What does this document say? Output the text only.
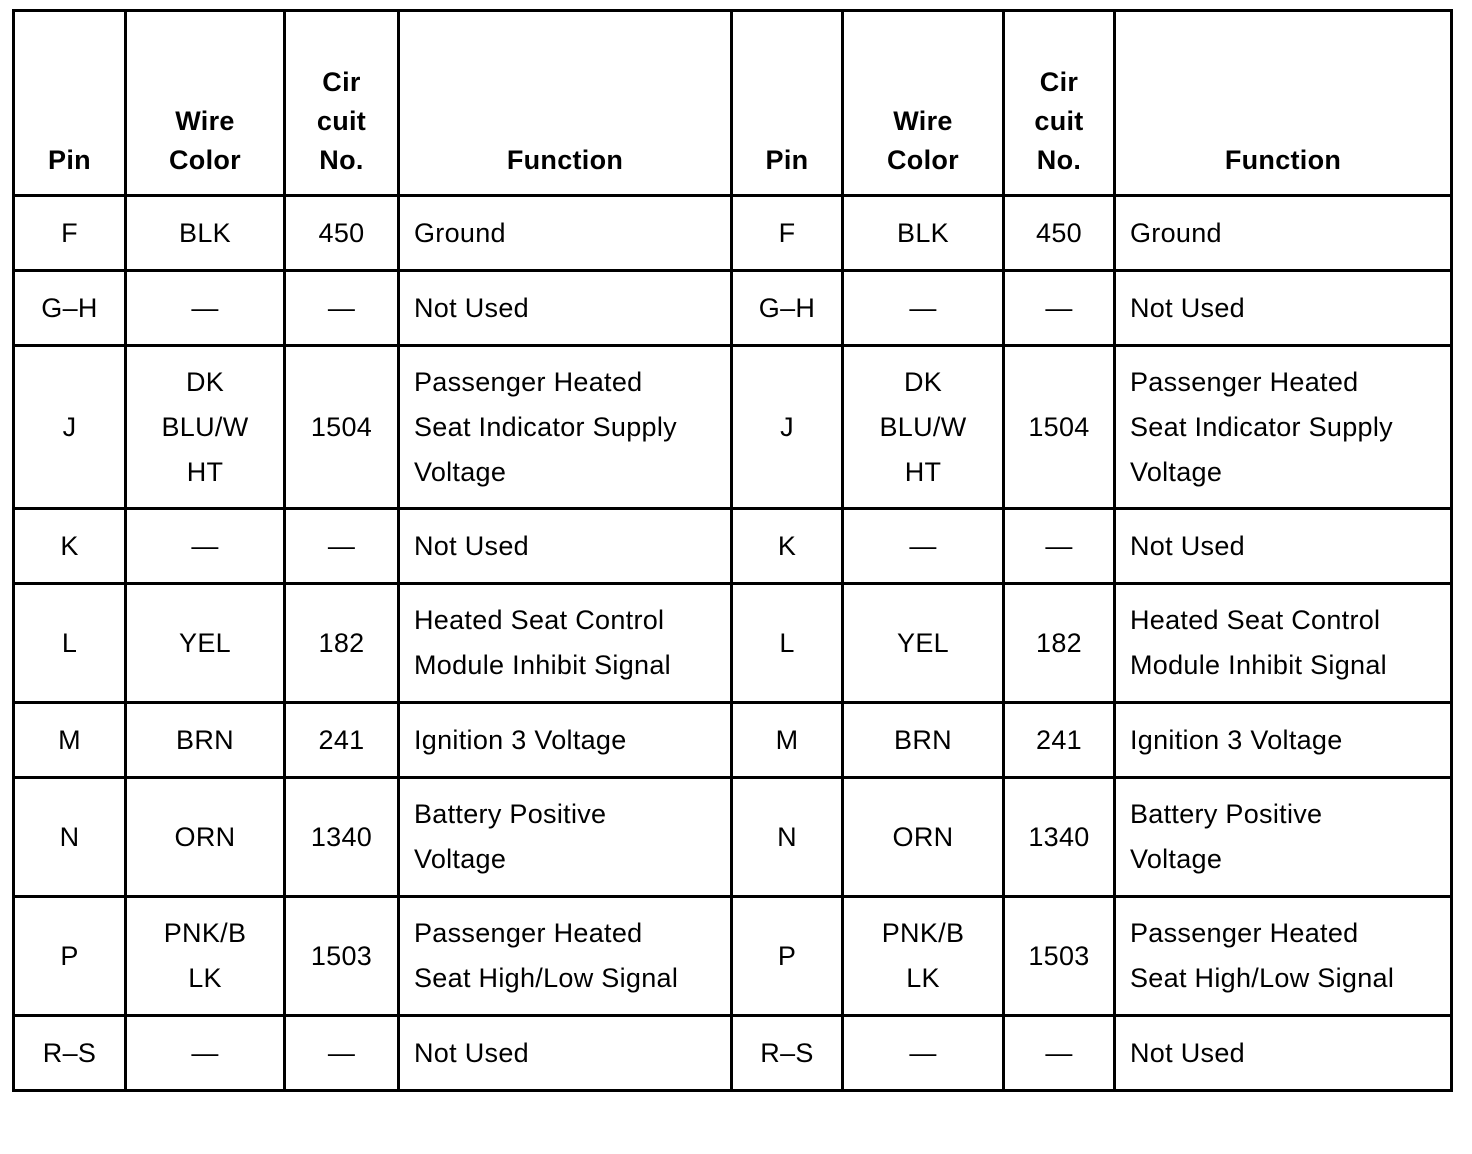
Pin	Wire
Color	Cir
cuit
No.	Function	Pin	Wire
Color	Cir
cuit
No.	Function

F	BLK	450	Ground	F	BLK	450	Ground

G–H	—	—	Not Used	G–H	—	—	Not Used

J	DK
BLU/W
HT	1504	Passenger Heated
Seat Indicator Supply
Voltage	J	DK
BLU/W
HT	1504	Passenger Heated
Seat Indicator Supply
Voltage

K	—	—	Not Used	K	—	—	Not Used

L	YEL	182	Heated Seat Control
Module Inhibit Signal	L	YEL	182	Heated Seat Control
Module Inhibit Signal

M	BRN	241	Ignition 3 Voltage	M	BRN	241	Ignition 3 Voltage

N	ORN	1340	Battery Positive
Voltage	N	ORN	1340	Battery Positive
Voltage

P	PNK/B
LK	1503	Passenger Heated
Seat High/Low Signal	P	PNK/B
LK	1503	Passenger Heated
Seat High/Low Signal

R–S	—	—	Not Used	R–S	—	—	Not Used
